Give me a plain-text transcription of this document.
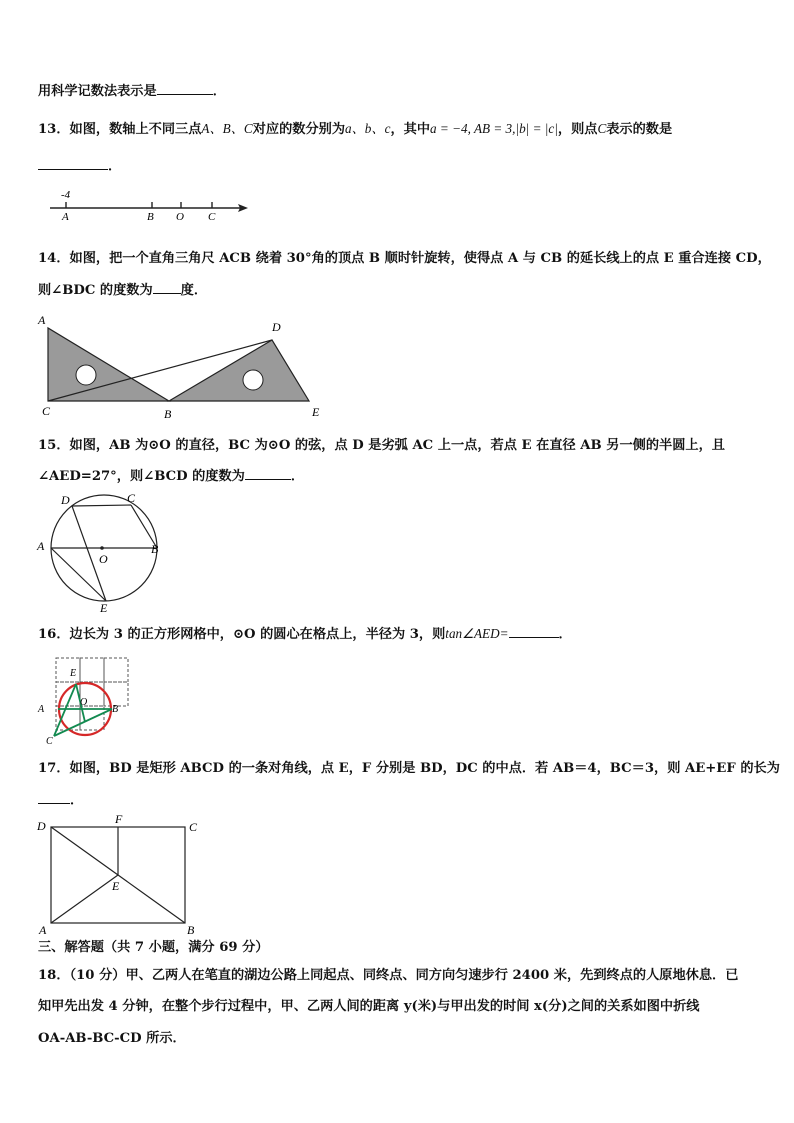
用科学记数法表示是	．
13．如图，数轴上不同三点A、B、C对应的数分别为a、b、c，其中a = −4, AB = 3,|b| = |c|，则点C表示的数是
．
-4
A	B O C
14．如图，把一个直角三角尺 ACB 绕着 30°角的顶点 B 顺时针旋转，使得点 A 与 CB 的延长线上的点 E 重合连接 CD，
则∠BDC 的度数为 度．
A
C	B
D
E
15．如图，AB 为⊙O 的直径，BC 为⊙O 的弦，点 D 是劣弧 AC 上一点，若点 E 在直径 AB 另一侧的半圆上，且
∠AED=27°，则∠BCD 的度数为	．
D	C
A	B
O
E
16．边长为 3 的正方形网格中，⊙O 的圆心在格点上，半径为 3，则tan∠AED=	．
E
O
A	B
C
17．如图，BD 是矩形 ABCD 的一条对角线，点 E，F 分别是 BD，DC 的中点．若 AB＝4，BC＝3，则 AE+EF 的长为
．
D	F
C
E
A	B
三、解答题（共 7 小题，满分 69 分）
18．（10 分）甲、乙两人在笔直的湖边公路上同起点、同终点、同方向匀速步行 2400 米，先到终点的人原地休息．已
知甲先出发 4 分钟，在整个步行过程中，甲、乙两人间的距离 y(米)与甲出发的时间 x(分)之间的关系如图中折线
OA-AB-BC-CD 所示．
